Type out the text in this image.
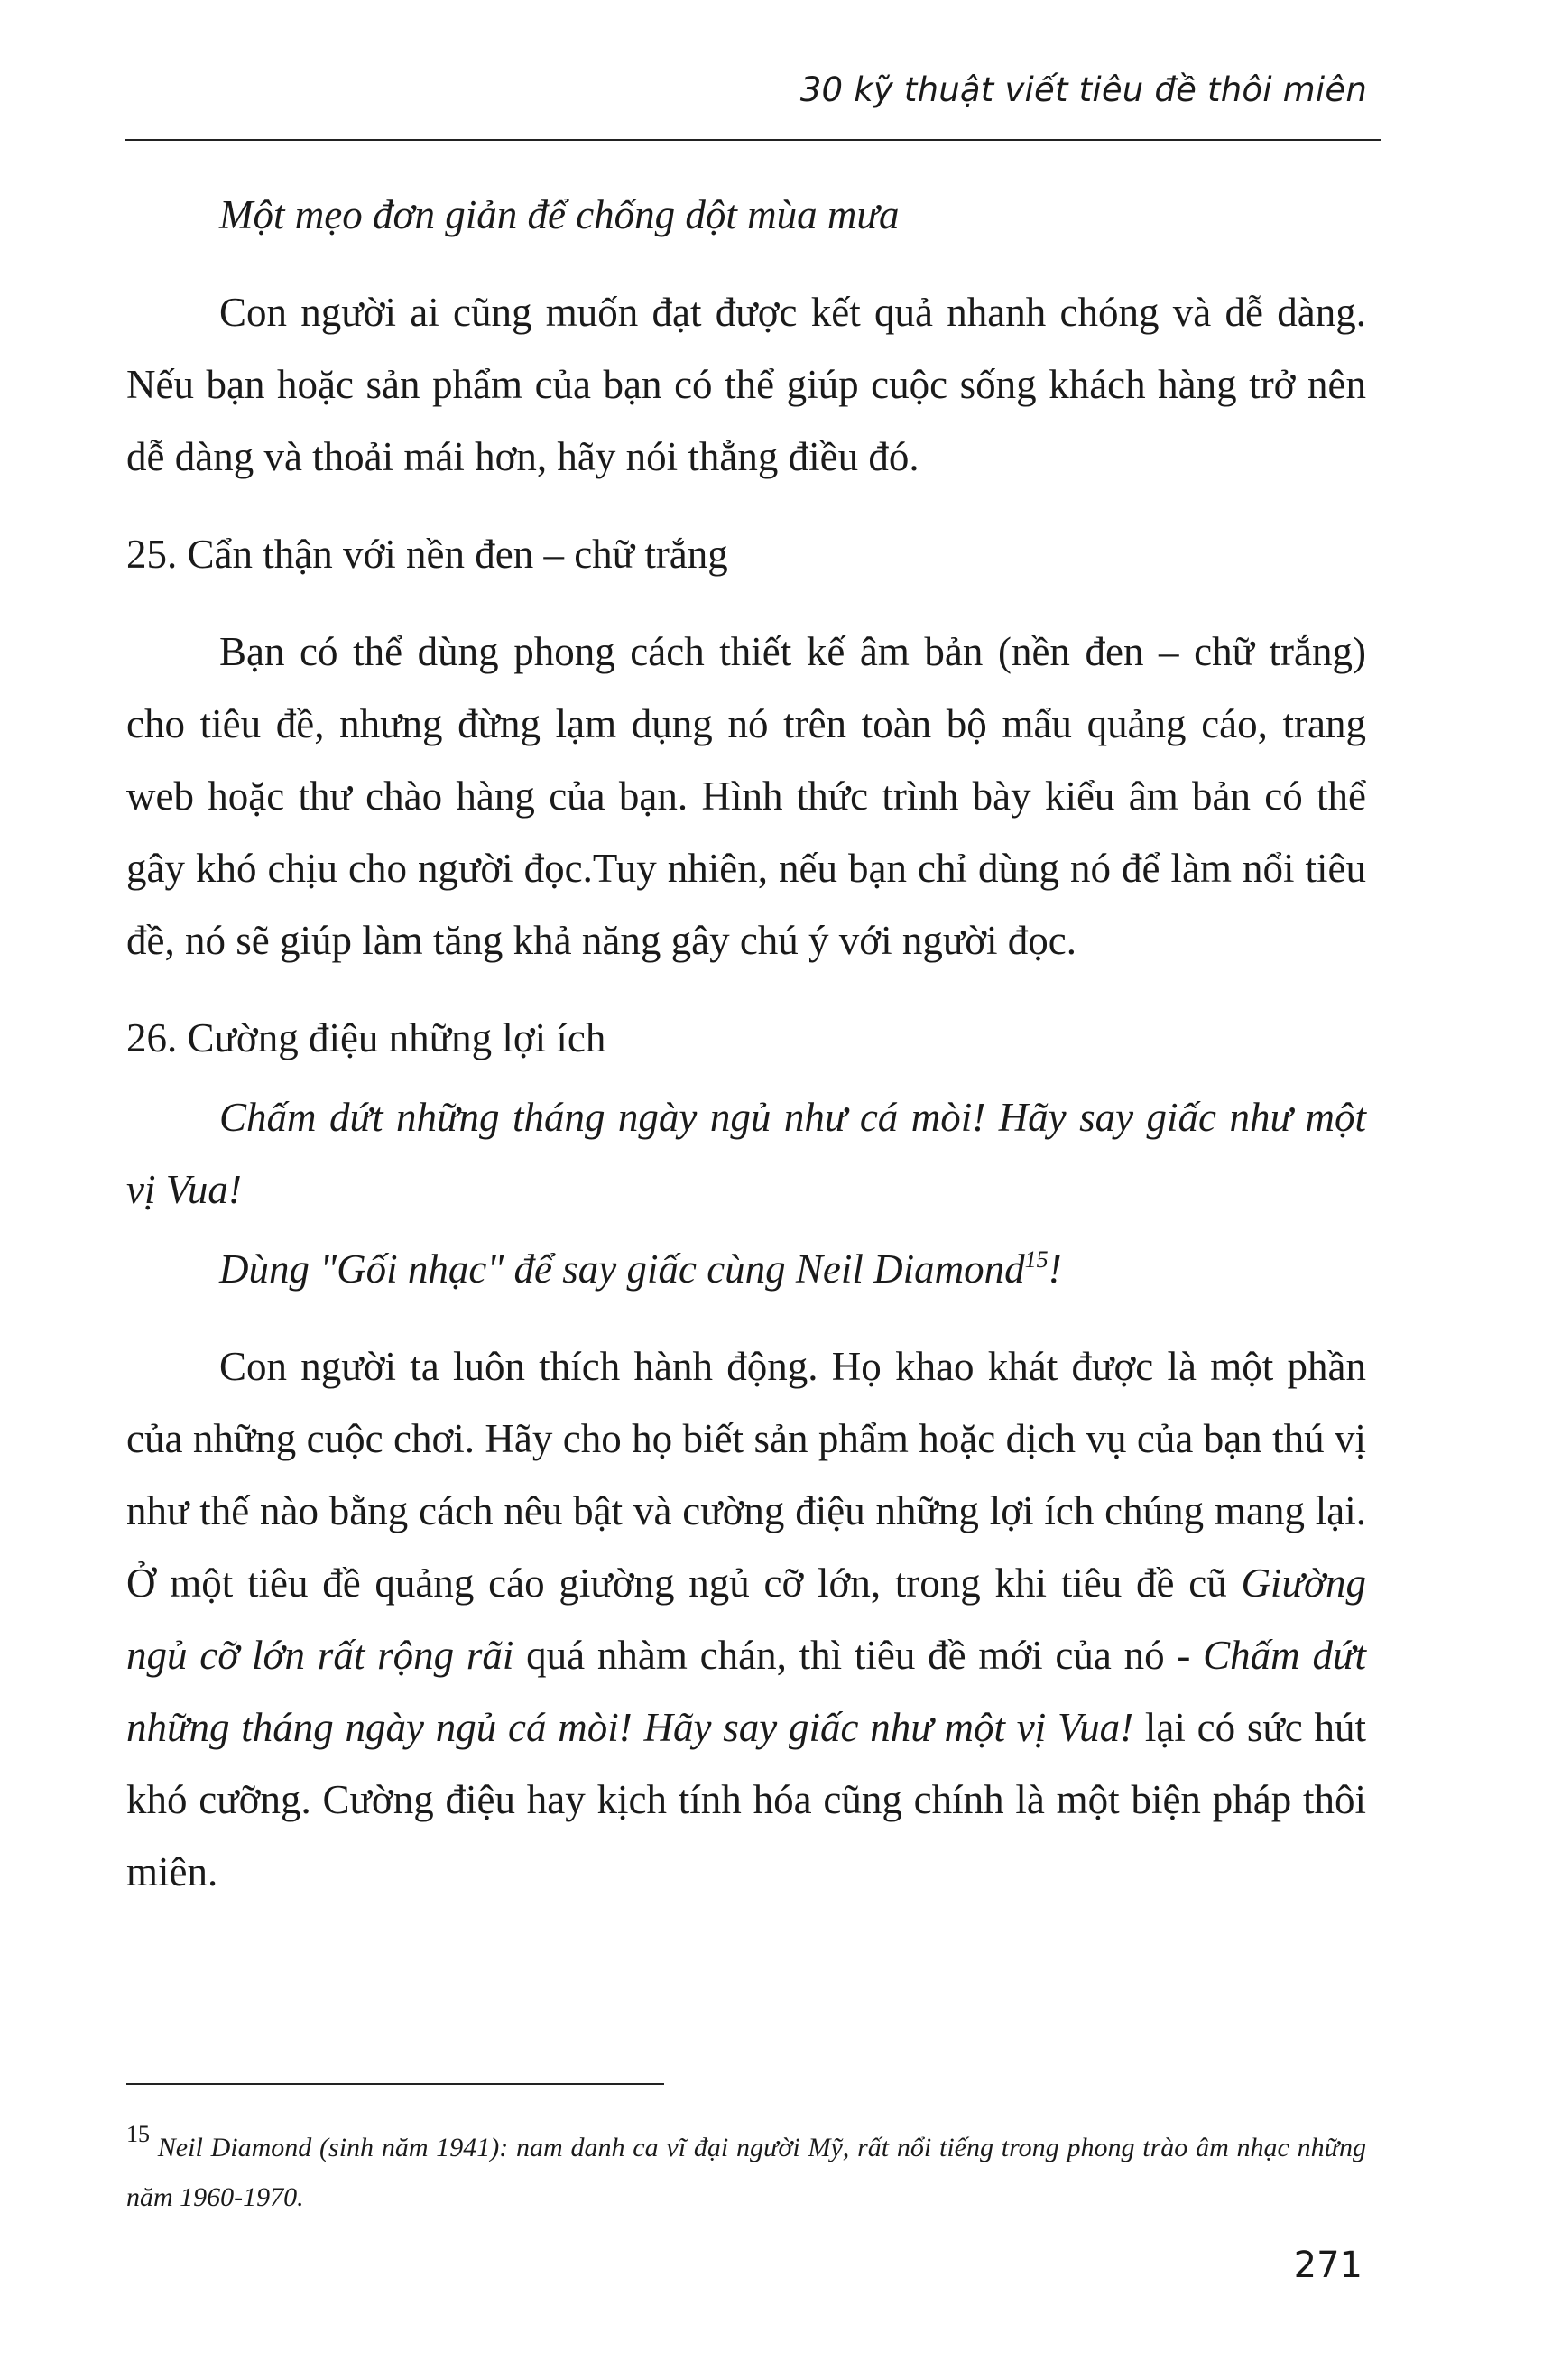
30 kỹ thuật viết tiêu đề thôi miên

Một mẹo đơn giản để chống dột mùa mưa

Con người ai cũng muốn đạt được kết quả nhanh chóng và dễ dàng. Nếu bạn hoặc sản phẩm của bạn có thể giúp cuộc sống khách hàng trở nên dễ dàng và thoải mái hơn, hãy nói thẳng điều đó.

25. Cẩn thận với nền đen – chữ trắng

Bạn có thể dùng phong cách thiết kế âm bản (nền đen – chữ trắng) cho tiêu đề, nhưng đừng lạm dụng nó trên toàn bộ mẩu quảng cáo, trang web hoặc thư chào hàng của bạn. Hình thức trình bày kiểu âm bản có thể gây khó chịu cho người đọc.Tuy nhiên, nếu bạn chỉ dùng nó để làm nổi tiêu đề, nó sẽ giúp làm tăng khả năng gây chú ý với người đọc.

26. Cường điệu những lợi ích

Chấm dứt những tháng ngày ngủ như cá mòi! Hãy say giấc như một vị Vua!

Dùng "Gối nhạc" để say giấc cùng Neil Diamond$^{15}$!

Con người ta luôn thích hành động. Họ khao khát được là một phần của những cuộc chơi. Hãy cho họ biết sản phẩm hoặc dịch vụ của bạn thú vị như thế nào bằng cách nêu bật và cường điệu những lợi ích chúng mang lại. Ở một tiêu đề quảng cáo giường ngủ cỡ lớn, trong khi tiêu đề cũ Giường ngủ cỡ lớn rất rộng rãi quá nhàm chán, thì tiêu đề mới của nó - Chấm dứt những tháng ngày ngủ cá mòi! Hãy say giấc như một vị Vua! lại có sức hút khó cưỡng. Cường điệu hay kịch tính hóa cũng chính là một biện pháp thôi miên.

$^{15}$ Neil Diamond (sinh năm 1941): nam danh ca vĩ đại người Mỹ, rất nổi tiếng trong phong trào âm nhạc những năm 1960-1970.
271
